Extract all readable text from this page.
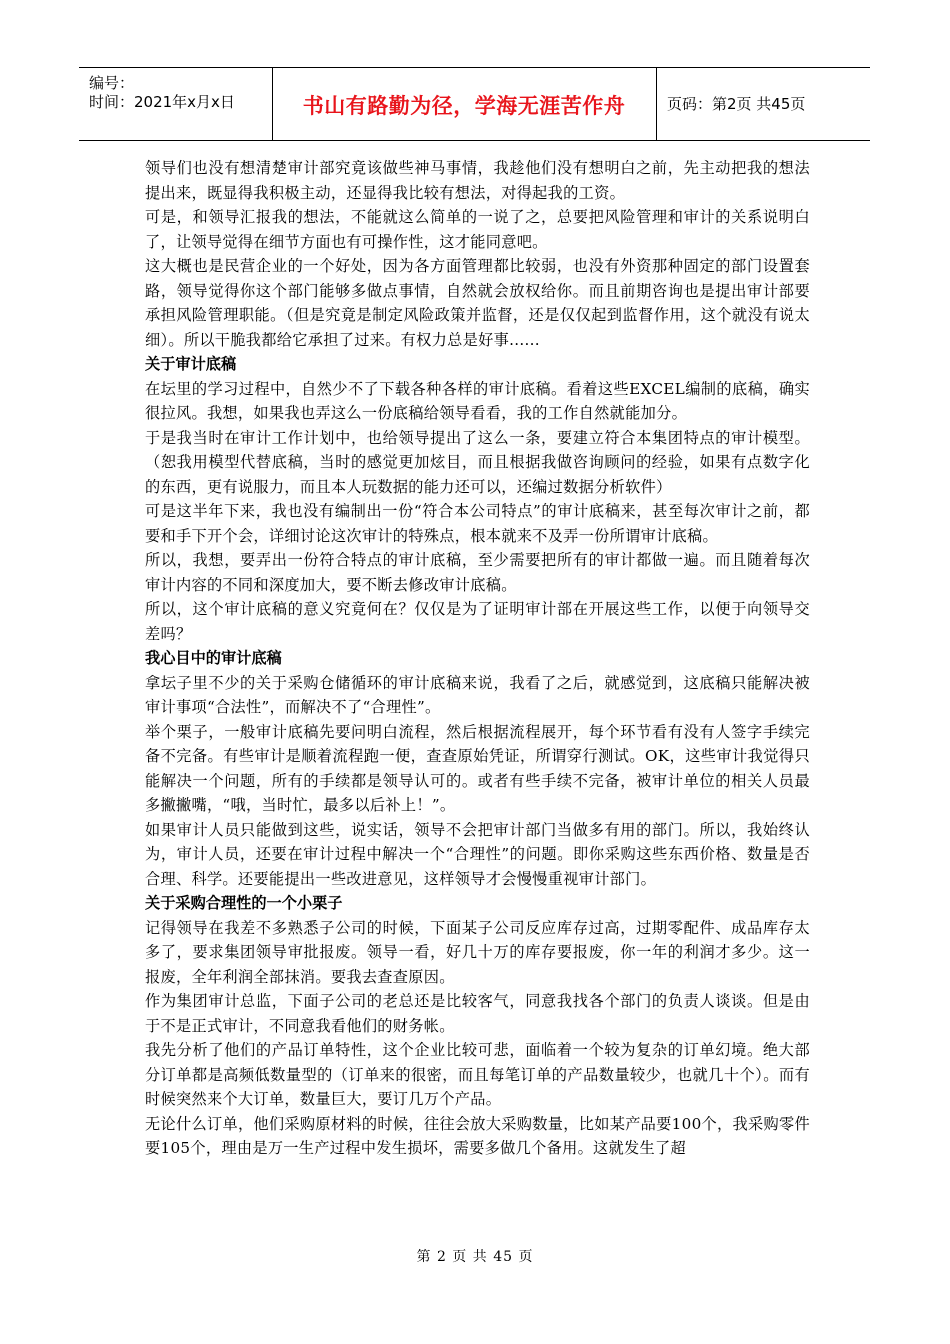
编号：
时间：2021年x月x日	书山有路勤为径，学海无涯苦作舟	页码：第2页 共45页

领导们也没有想清楚审计部究竟该做些神马事情，我趁他们没有想明白之前，先主动把我的想法提出来，既显得我积极主动，还显得我比较有想法，对得起我的工资。

可是，和领导汇报我的想法，不能就这么简单的一说了之，总要把风险管理和审计的关系说明白了，让领导觉得在细节方面也有可操作性，这才能同意吧。

这大概也是民营企业的一个好处，因为各方面管理都比较弱，也没有外资那种固定的部门设置套路，领导觉得你这个部门能够多做点事情，自然就会放权给你。而且前期咨询也是提出审计部要承担风险管理职能。（但是究竟是制定风险政策并监督，还是仅仅起到监督作用，这个就没有说太细）。所以干脆我都给它承担了过来。有权力总是好事......

关于审计底稿

在坛里的学习过程中，自然少不了下载各种各样的审计底稿。看着这些EXCEL编制的底稿，确实很拉风。我想，如果我也弄这么一份底稿给领导看看，我的工作自然就能加分。

于是我当时在审计工作计划中，也给领导提出了这么一条，要建立符合本集团特点的审计模型。（恕我用模型代替底稿，当时的感觉更加炫目，而且根据我做咨询顾问的经验，如果有点数字化的东西，更有说服力，而且本人玩数据的能力还可以，还编过数据分析软件）

可是这半年下来，我也没有编制出一份“符合本公司特点”的审计底稿来，甚至每次审计之前，都要和手下开个会，详细讨论这次审计的特殊点，根本就来不及弄一份所谓审计底稿。

所以，我想，要弄出一份符合特点的审计底稿，至少需要把所有的审计都做一遍。而且随着每次审计内容的不同和深度加大，要不断去修改审计底稿。

所以，这个审计底稿的意义究竟何在？仅仅是为了证明审计部在开展这些工作，以便于向领导交差吗？

我心目中的审计底稿

拿坛子里不少的关于采购仓储循环的审计底稿来说，我看了之后，就感觉到，这底稿只能解决被审计事项“合法性”，而解决不了“合理性”。

举个栗子，一般审计底稿先要问明白流程，然后根据流程展开，每个环节看有没有人签字手续完备不完备。有些审计是顺着流程跑一便，查查原始凭证，所谓穿行测试。OK，这些审计我觉得只能解决一个问题，所有的手续都是领导认可的。或者有些手续不完备，被审计单位的相关人员最多撇撇嘴，“哦，当时忙，最多以后补上！”。

如果审计人员只能做到这些，说实话，领导不会把审计部门当做多有用的部门。所以，我始终认为，审计人员，还要在审计过程中解决一个“合理性”的问题。即你采购这些东西价格、数量是否合理、科学。还要能提出一些改进意见，这样领导才会慢慢重视审计部门。

关于采购合理性的一个小栗子

记得领导在我差不多熟悉子公司的时候，下面某子公司反应库存过高，过期零配件、成品库存太多了，要求集团领导审批报废。领导一看，好几十万的库存要报废，你一年的利润才多少。这一报废，全年利润全部抹消。要我去查查原因。

作为集团审计总监，下面子公司的老总还是比较客气，同意我找各个部门的负责人谈谈。但是由于不是正式审计，不同意我看他们的财务帐。

我先分析了他们的产品订单特性，这个企业比较可悲，面临着一个较为复杂的订单幻境。绝大部分订单都是高频低数量型的（订单来的很密，而且每笔订单的产品数量较少，也就几十个）。而有时候突然来个大订单，数量巨大，要订几万个产品。

无论什么订单，他们采购原材料的时候，往往会放大采购数量，比如某产品要100个，我采购零件要105个，理由是万一生产过程中发生损坏，需要多做几个备用。这就发生了超

第 2 页 共 45 页
